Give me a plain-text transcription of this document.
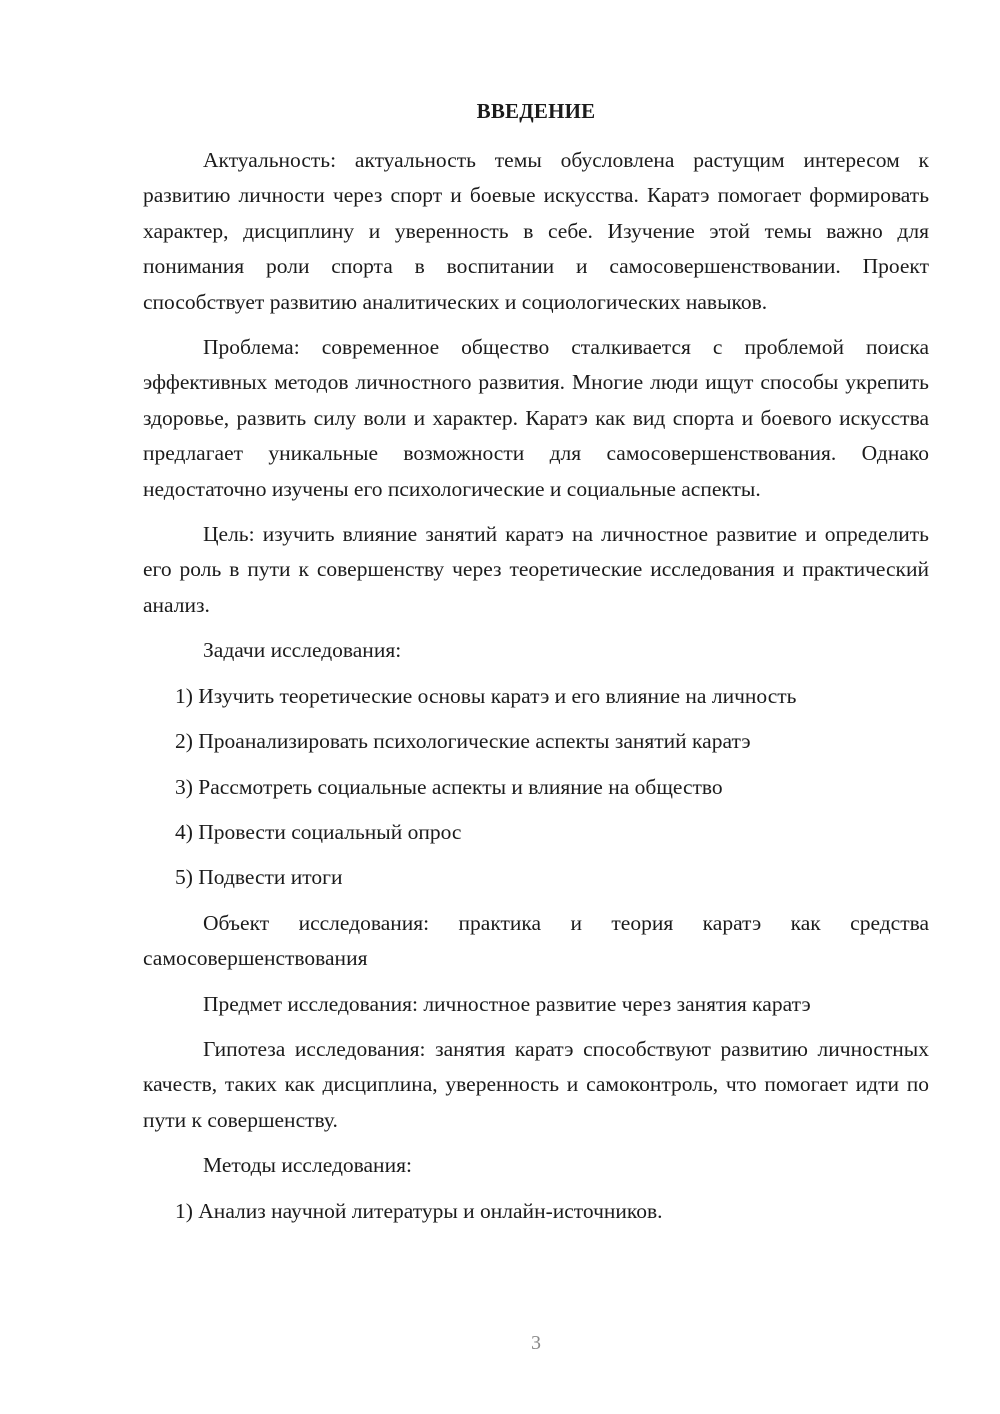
ВВЕДЕНИЕ

Актуальность: актуальность темы обусловлена растущим интересом к развитию личности через спорт и боевые искусства. Каратэ помогает формировать характер, дисциплину и уверенность в себе. Изучение этой темы важно для понимания роли спорта в воспитании и самосовершенствовании. Проект способствует развитию аналитических и социологических навыков.

Проблема: современное общество сталкивается с проблемой поиска эффективных методов личностного развития. Многие люди ищут способы укрепить здоровье, развить силу воли и характер. Каратэ как вид спорта и боевого искусства предлагает уникальные возможности для самосовершенствования. Однако недостаточно изучены его психологические и социальные аспекты.

Цель: изучить влияние занятий каратэ на личностное развитие и определить его роль в пути к совершенству через теоретические исследования и практический анализ.

Задачи исследования:

1) Изучить теоретические основы каратэ и его влияние на личность
2) Проанализировать психологические аспекты занятий каратэ
3) Рассмотреть социальные аспекты и влияние на общество
4) Провести социальный опрос
5) Подвести итоги

Объект исследования: практика и теория каратэ как средства самосовершенствования

Предмет исследования: личностное развитие через занятия каратэ

Гипотеза исследования: занятия каратэ способствуют развитию личностных качеств, таких как дисциплина, уверенность и самоконтроль, что помогает идти по пути к совершенству.

Методы исследования:

1) Анализ научной литературы и онлайн-источников.
3
